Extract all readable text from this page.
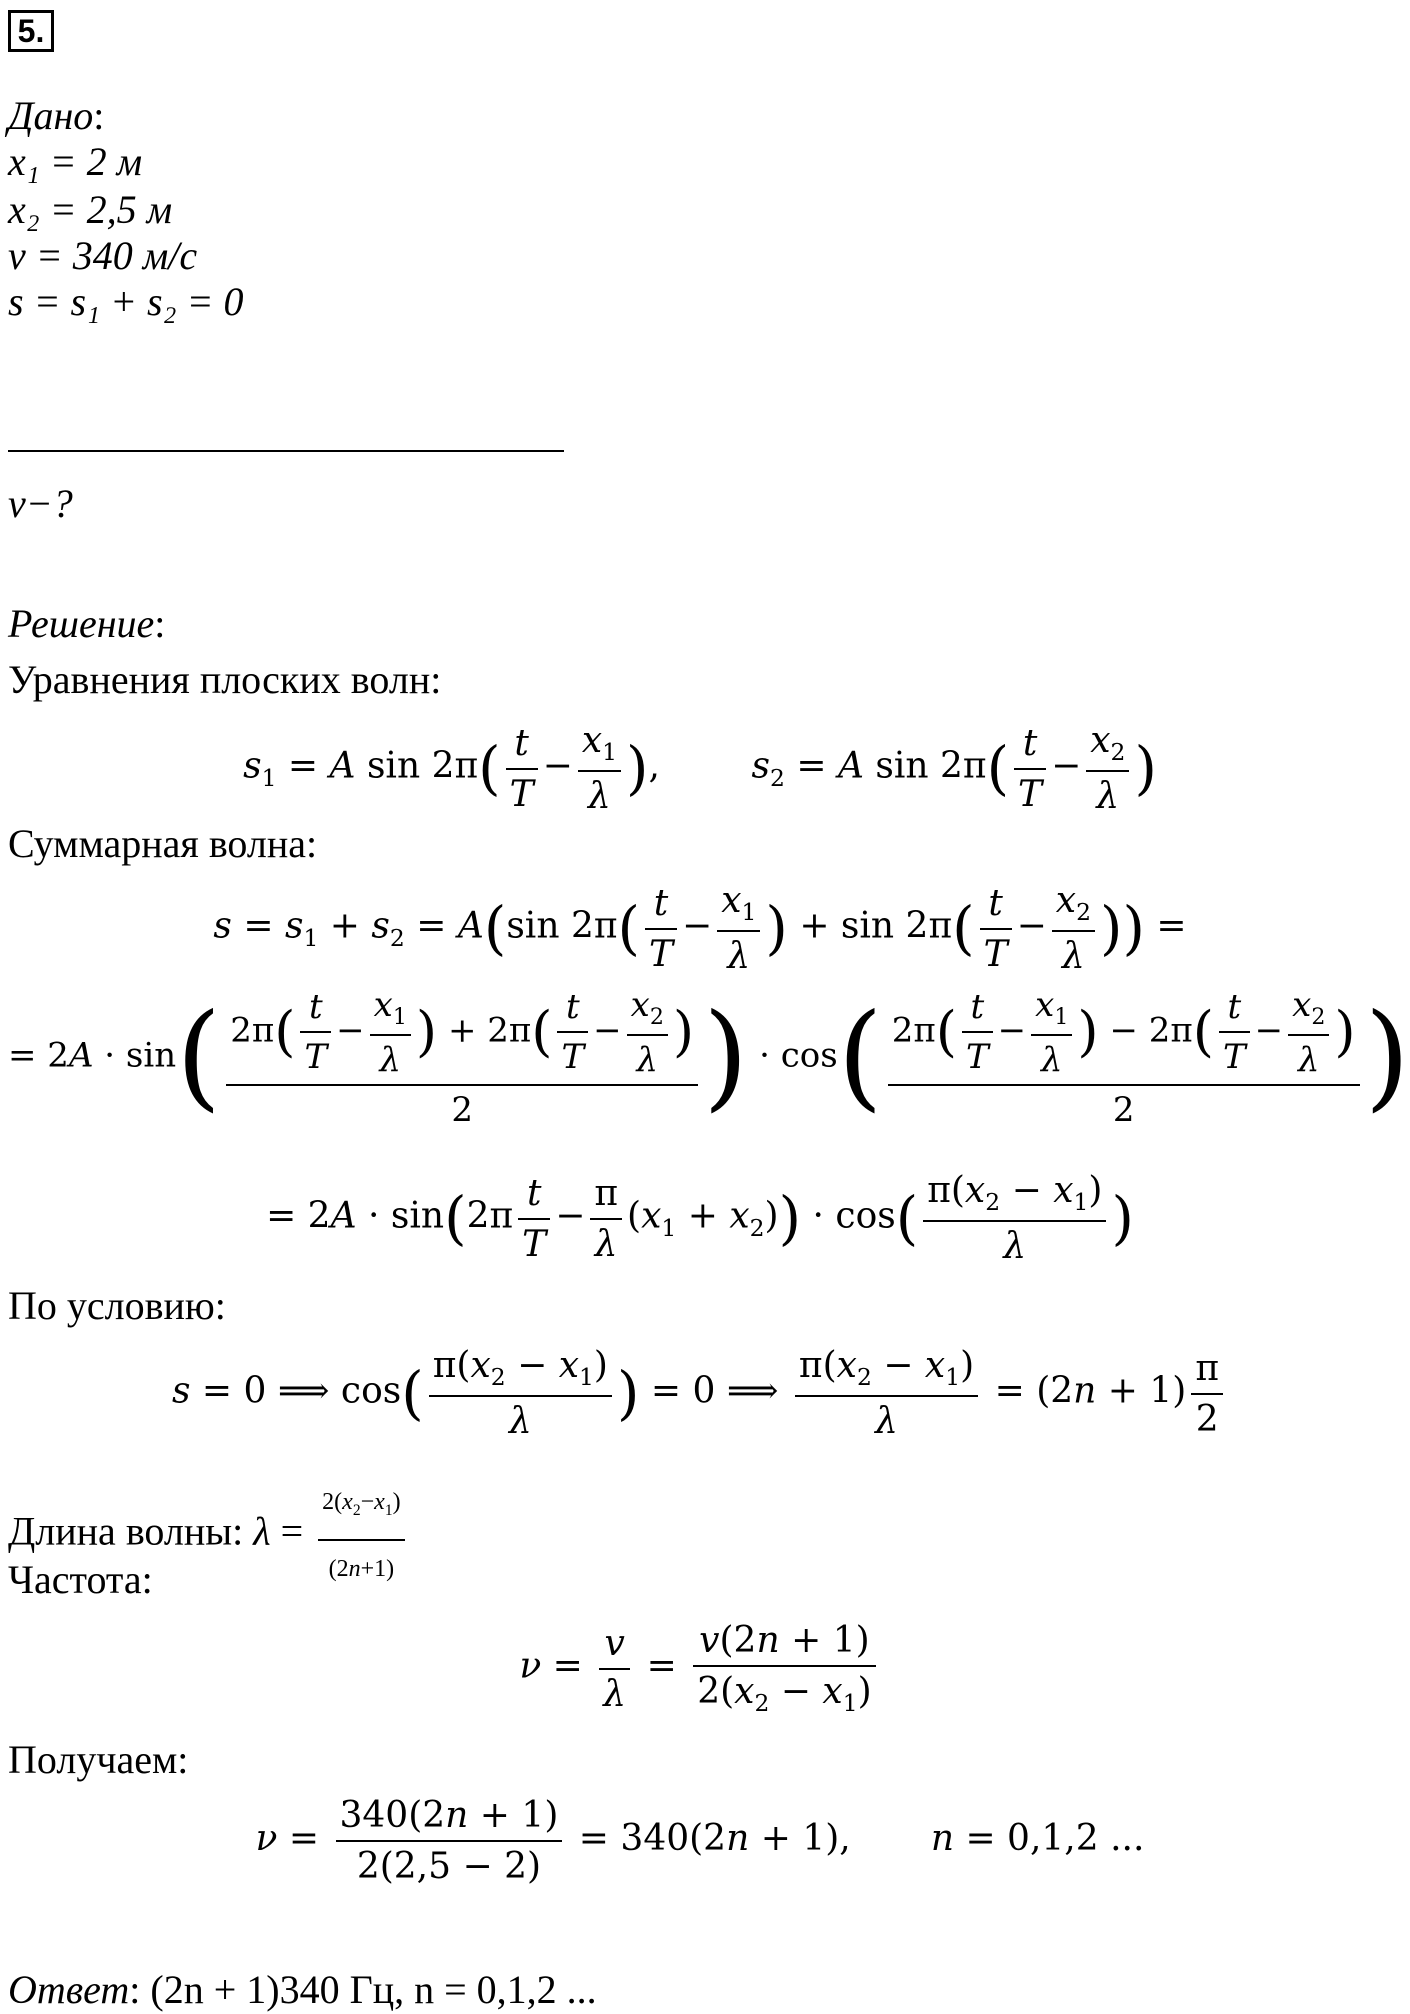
5.
Дано:
x₁ = 2 м
x₂ = 2,5 м
v = 340 м/с
s = s₁ + s₂ = 0
ν−?
Решение:
Уравнения плоских волн:
$s_1 = A$ $\sin 2\pi( \frac{t}{T} - \frac{x_1}{\lambda}$ ),        $s_2 = A$ $\sin 2\pi( \frac{t}{T} - \frac{x_2}{\lambda}$ )
Суммарная волна:
$s = s_1 + s_2 = A(\sin$ $2\pi( \frac{t}{T} - \frac{x_1}{\lambda}$ ) + $\sin 2\pi( \frac{t}{T} - \frac{x_2}{\lambda}$ )) =
= $2A \cdot \sin( \frac{2\pi( \frac{t}{T} - \frac{x_1}{\lambda} ) + 2\pi( \frac{t}{T} - \frac{x_2}{\lambda} )}{2}$ ) · $\cos( \frac{2\pi( \frac{t}{T} - \frac{x_1}{\lambda} ) - 2\pi( \frac{t}{T} - \frac{x_2}{\lambda} )}{2}$ )
= $2A \cdot \sin(2\pi \frac{t}{T} - \frac{\pi}{\lambda} (x_1 + x_2)) \cdot \cos( \frac{\pi(x_2 - x_1)}{\lambda}$ )
По условию:
s = 0 ⟹ $\cos( \frac{\pi(x_2 - x_1)}{\lambda}$ ) = 0 ⟹ $\frac{\pi(x_2 - x_1)}{\lambda} = (2n + 1) \frac{\pi}{2}$
Длина волны: $\lambda = \frac{2(x_2-x_1)}{(2n+1)}$
Частота:
$\nu = \frac{v}{\lambda} = \frac{v(2n + 1)}{2(x_2 - x_1)}$
Получаем:
$\nu = \frac{340(2n + 1)}{2(2,5 - 2)} = 340(2n + 1)$,       n = 0,1,2 ...
Ответ: (2n + 1)340 Гц, n = 0,1,2 ...
